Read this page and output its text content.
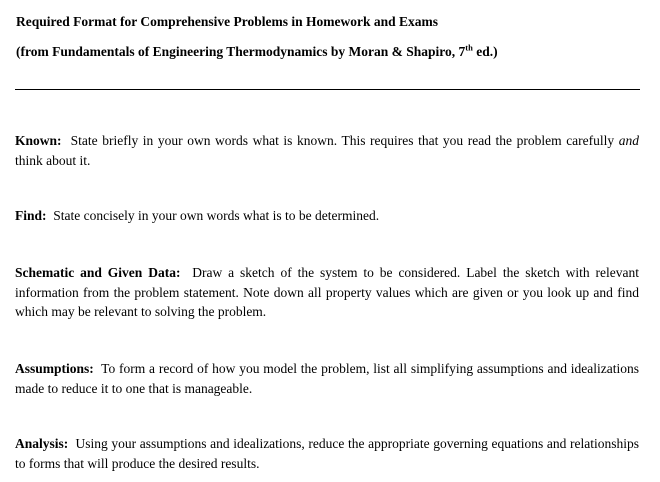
Required Format for Comprehensive Problems in Homework and Exams
(from Fundamentals of Engineering Thermodynamics by Moran & Shapiro, 7th ed.)
Known: State briefly in your own words what is known. This requires that you read the problem carefully and think about it.
Find: State concisely in your own words what is to be determined.
Schematic and Given Data: Draw a sketch of the system to be considered. Label the sketch with relevant information from the problem statement. Note down all property values which are given or you look up and find which may be relevant to solving the problem.
Assumptions: To form a record of how you model the problem, list all simplifying assumptions and idealizations made to reduce it to one that is manageable.
Analysis: Using your assumptions and idealizations, reduce the appropriate governing equations and relationships to forms that will produce the desired results.
